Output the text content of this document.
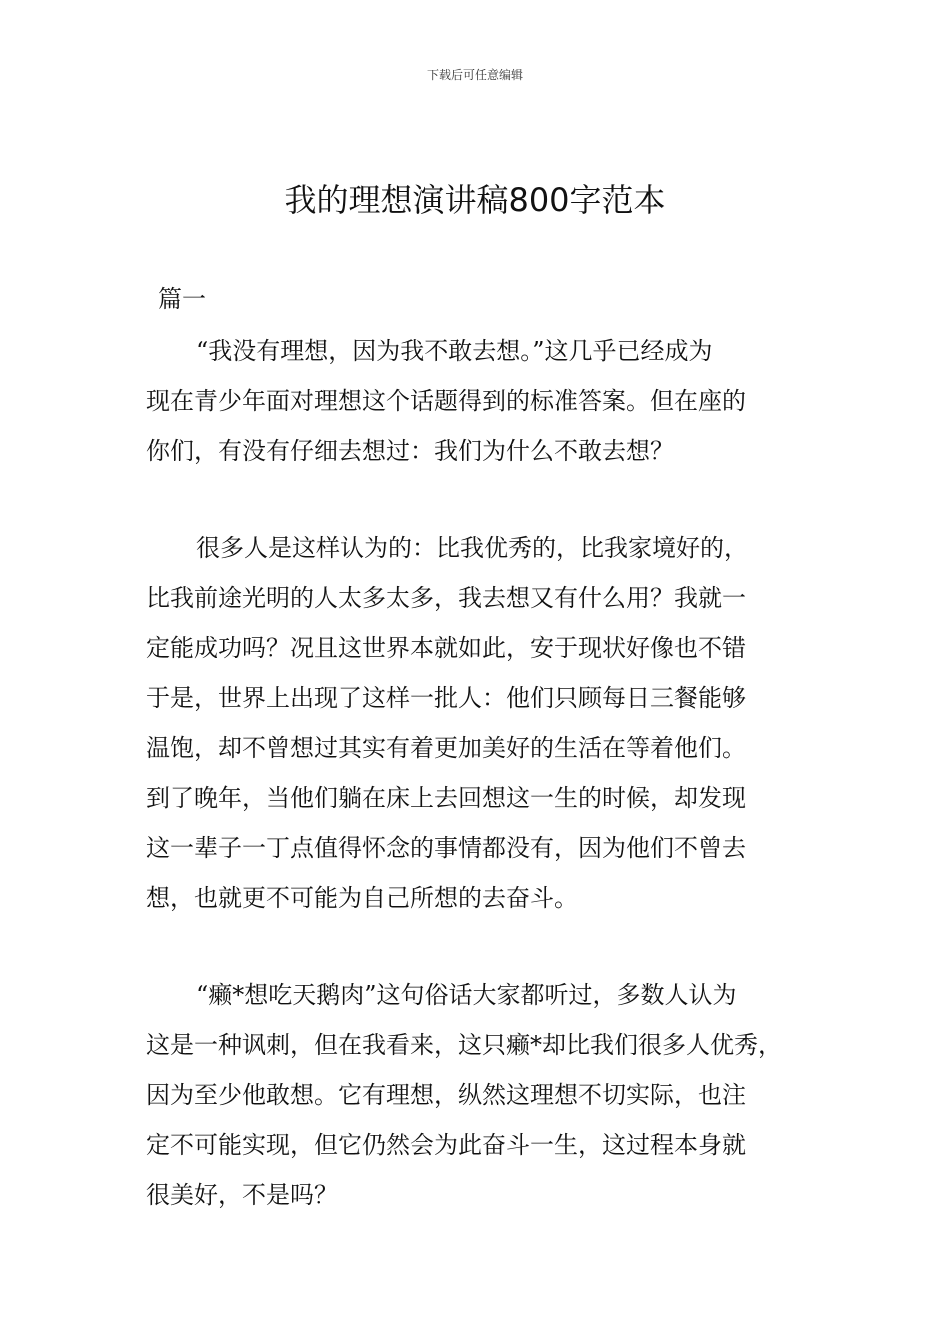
下载后可任意编辑
我的理想演讲稿800字范本
篇一
“我没有理想，因为我不敢去想。”这几乎已经成为
现在青少年面对理想这个话题得到的标准答案。但在座的
你们，有没有仔细去想过：我们为什么不敢去想？
很多人是这样认为的：比我优秀的，比我家境好的，
比我前途光明的人太多太多，我去想又有什么用？我就一
定能成功吗？况且这世界本就如此，安于现状好像也不错
于是，世界上出现了这样一批人：他们只顾每日三餐能够
温饱，却不曾想过其实有着更加美好的生活在等着他们。
到了晚年，当他们躺在床上去回想这一生的时候，却发现
这一辈子一丁点值得怀念的事情都没有，因为他们不曾去
想，也就更不可能为自己所想的去奋斗。
“癞*想吃天鹅肉”这句俗话大家都听过，多数人认为
这是一种讽刺，但在我看来，这只癞*却比我们很多人优秀，
因为至少他敢想。它有理想，纵然这理想不切实际，也注
定不可能实现，但它仍然会为此奋斗一生，这过程本身就
很美好，不是吗？
